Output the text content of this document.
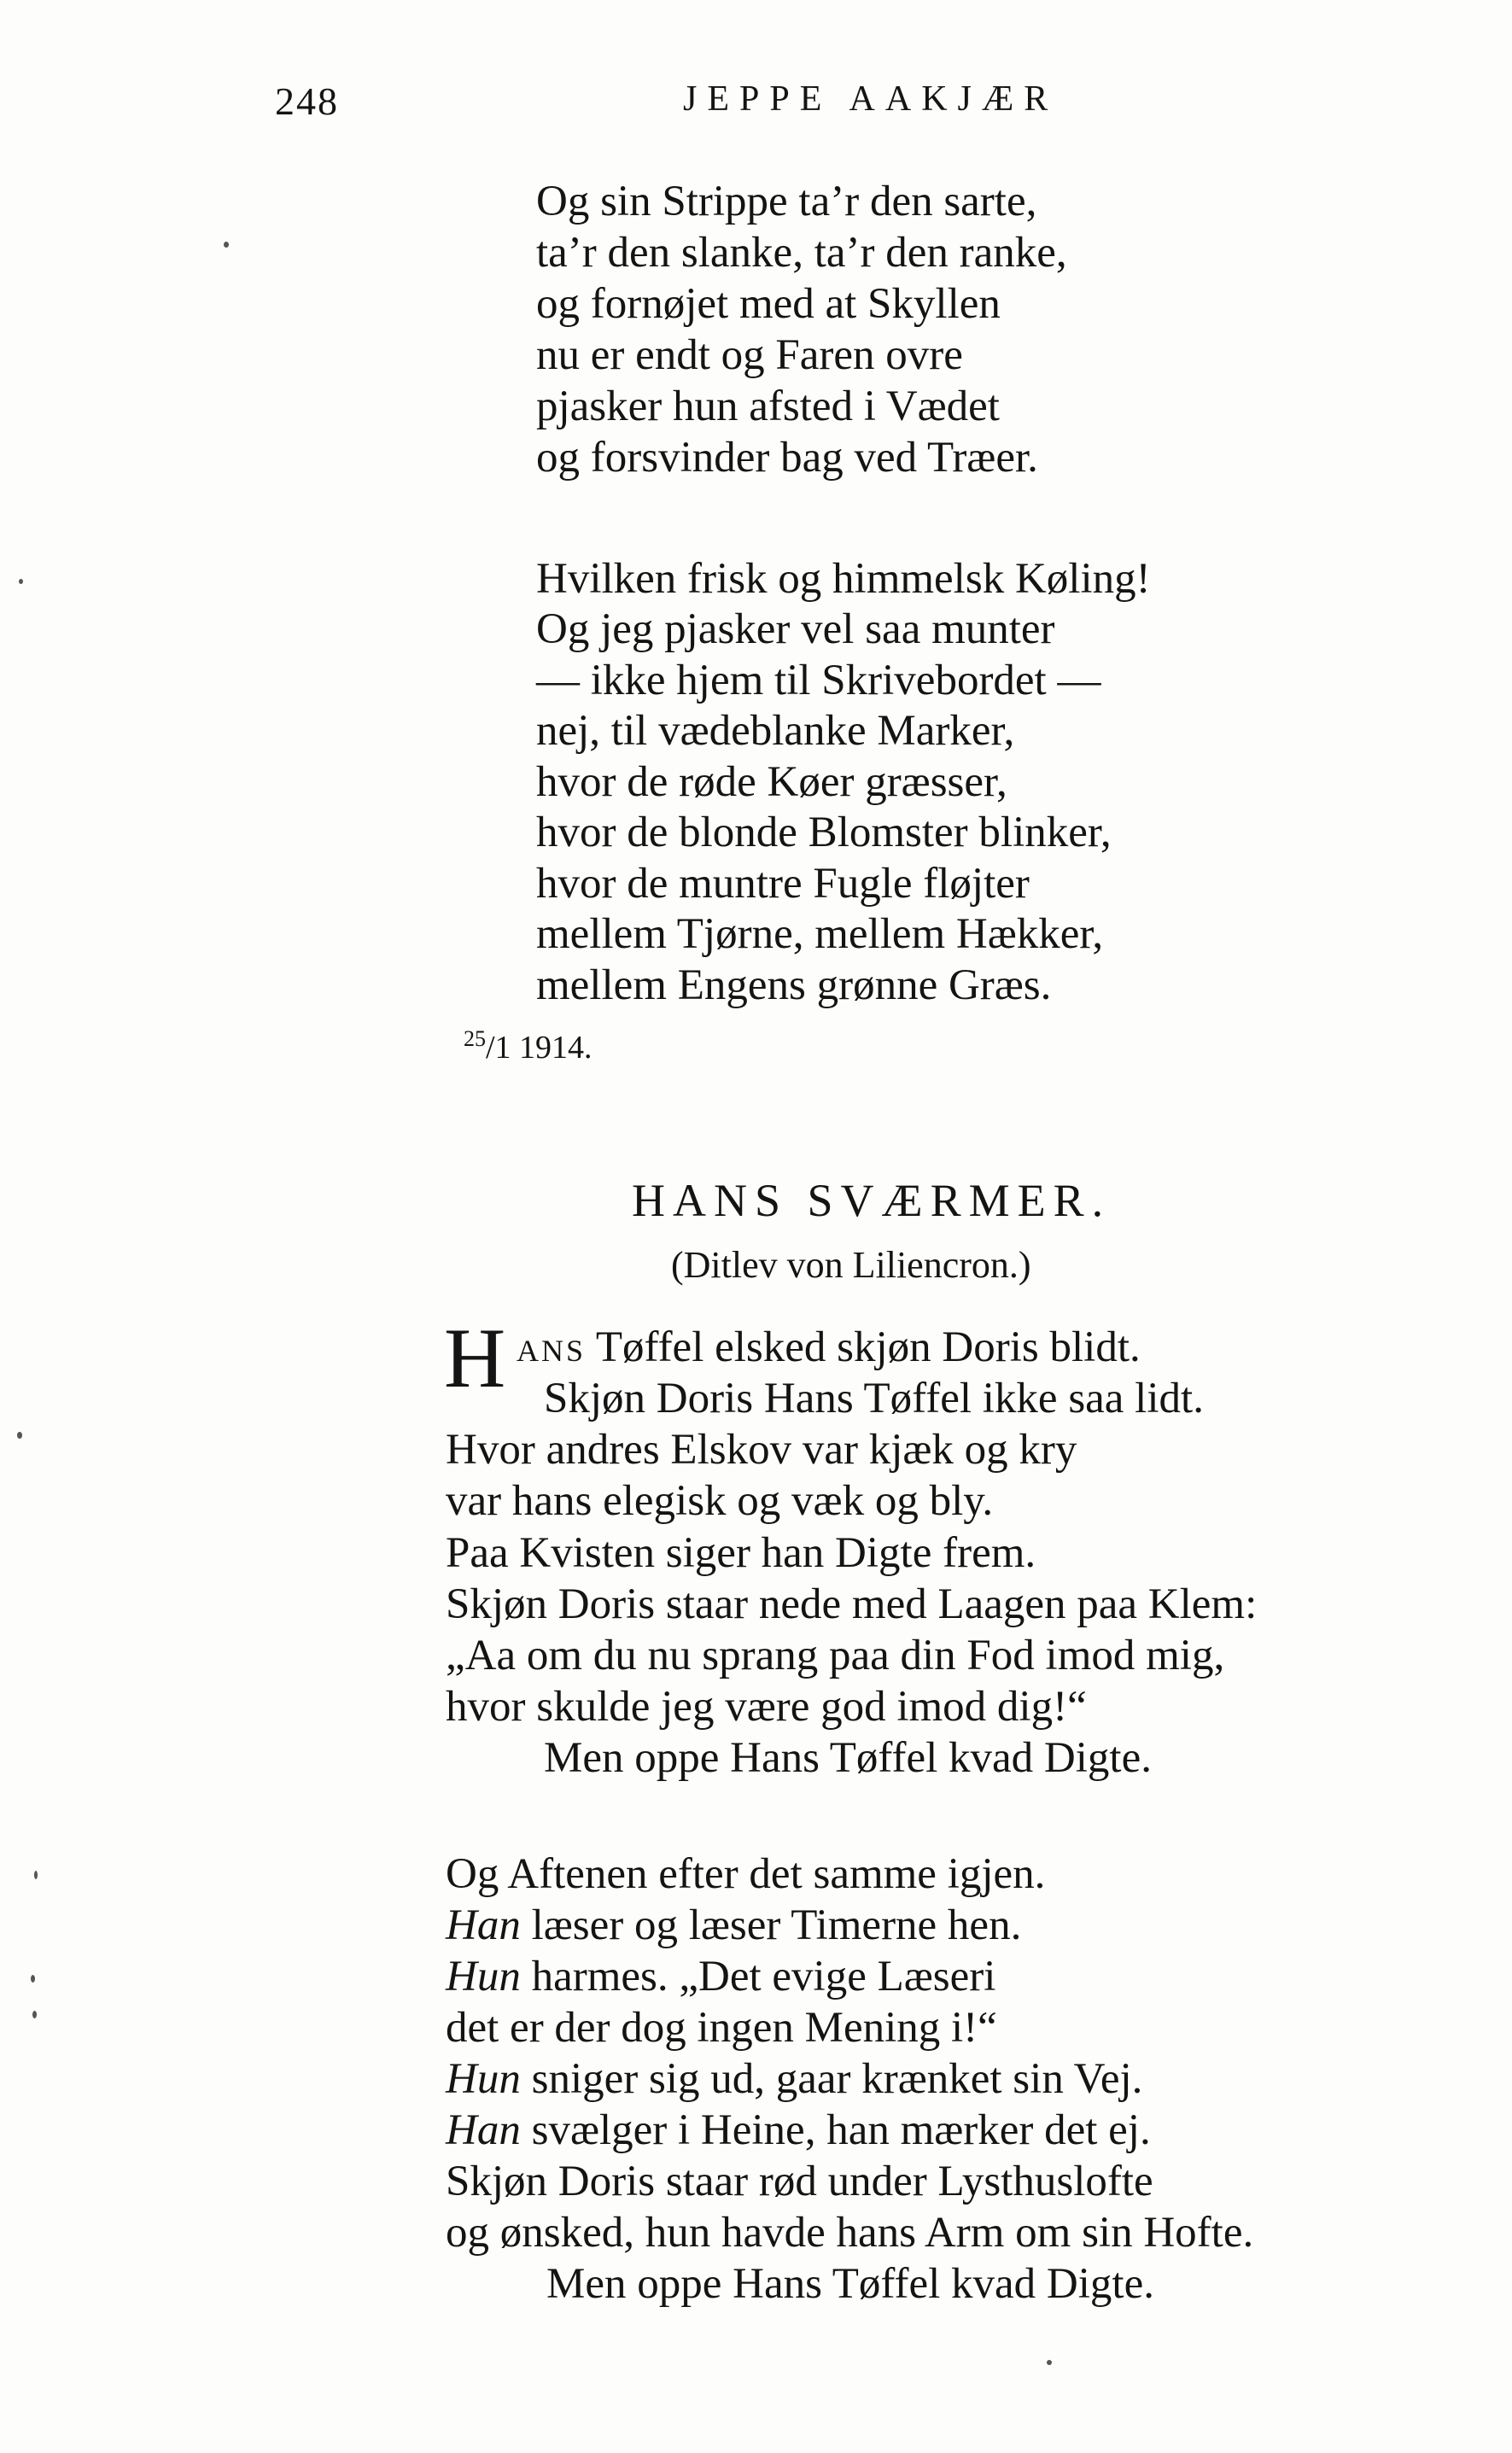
248	JEPPE AAKJÆR
Og sin Strippe ta’r den sarte,
ta’r den slanke, ta’r den ranke,
og fornøjet med at Skyllen
nu er endt og Faren ovre
pjasker hun afsted i Vædet
og forsvinder bag ved Træer.
Hvilken frisk og himmelsk Køling!
Og jeg pjasker vel saa munter
— ikke hjem til Skrivebordet —
nej, til vædeblanke Marker,
hvor de røde Køer græsser,
hvor de blonde Blomster blinker,
hvor de muntre Fugle fløjter
mellem Tjørne, mellem Hækker,
mellem Engens grønne Græs.
$^{25}$/1 1914.
HANS SVÆRMER.
(Ditlev von Liliencron.)
H ANS Tøffel elsked skjøn Doris blidt.
Skjøn Doris Hans Tøffel ikke saa lidt.
Hvor andres Elskov var kjæk og kry
var hans elegisk og væk og bly.
Paa Kvisten siger han Digte frem.
Skjøn Doris staar nede med Laagen paa Klem:
„Aa om du nu sprang paa din Fod imod mig,
hvor skulde jeg være god imod dig!“
Men oppe Hans Tøffel kvad Digte.
Og Aftenen efter det samme igjen.
Han læser og læser Timerne hen.
Hun harmes. „Det evige Læseri
det er der dog ingen Mening i!“
Hun sniger sig ud, gaar krænket sin Vej.
Han svælger i Heine, han mærker det ej.
Skjøn Doris staar rød under Lysthusloftе
og ønsked, hun havde hans Arm om sin Hofte.
Men oppe Hans Tøffel kvad Digte.
